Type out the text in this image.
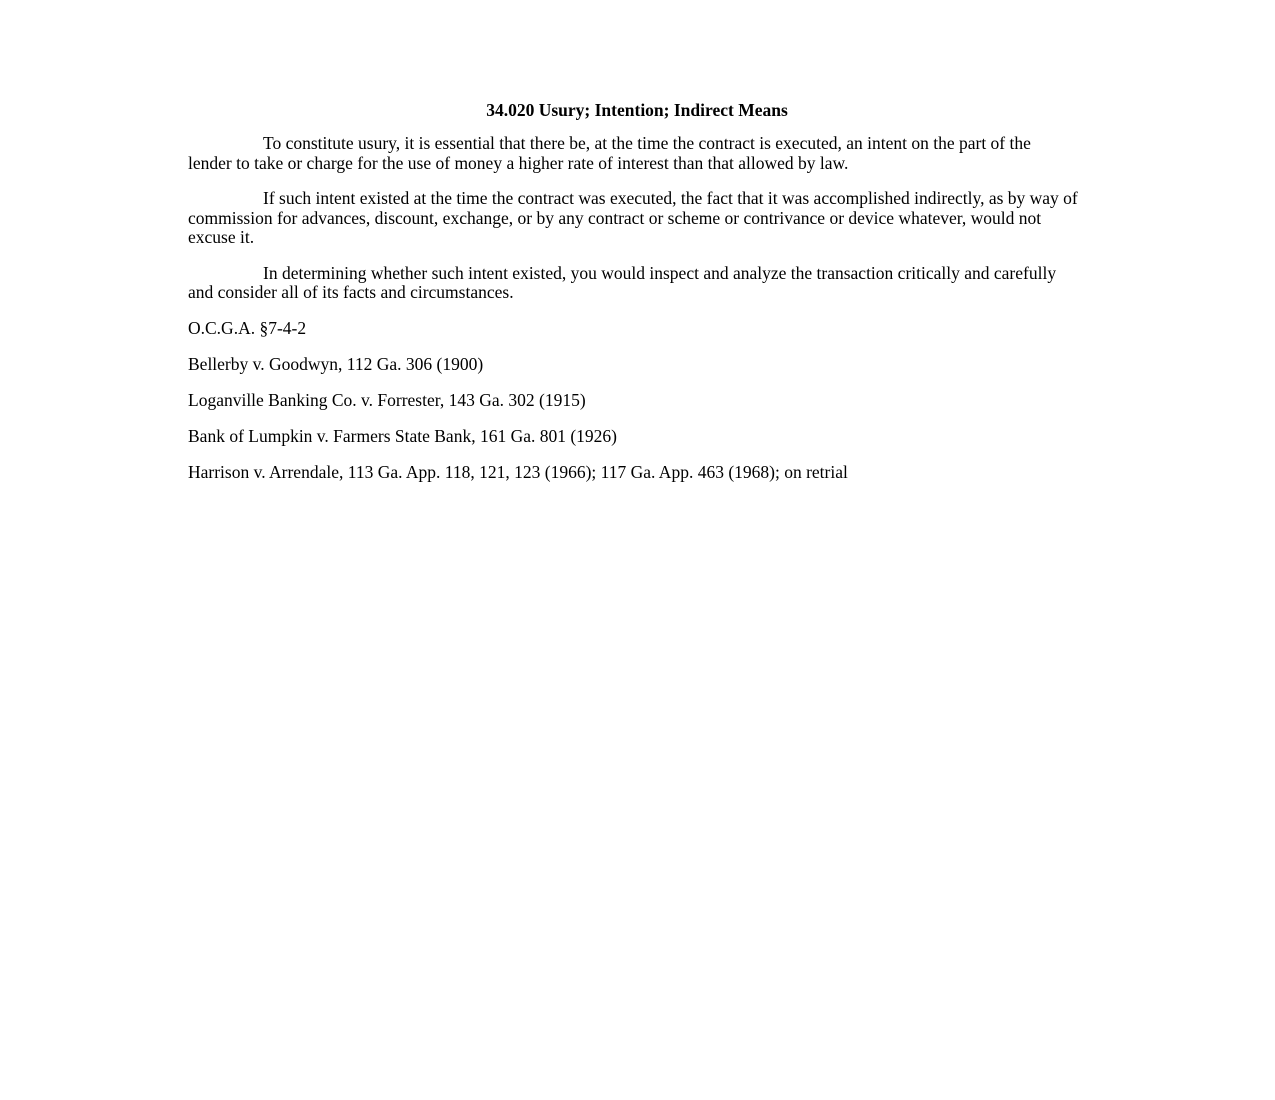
34.020 Usury; Intention; Indirect Means

To constitute usury, it is essential that there be, at the time the contract is executed, an intent on the part of the lender to take or charge for the use of money a higher rate of interest than that allowed by law.

If such intent existed at the time the contract was executed, the fact that it was accomplished indirectly, as by way of commission for advances, discount, exchange, or by any contract or scheme or contrivance or device whatever, would not excuse it.

In determining whether such intent existed, you would inspect and analyze the transaction critically and carefully and consider all of its facts and circumstances.

O.C.G.A. §7-4-2

Bellerby v. Goodwyn, 112 Ga. 306 (1900)

Loganville Banking Co. v. Forrester, 143 Ga. 302 (1915)

Bank of Lumpkin v. Farmers State Bank, 161 Ga. 801 (1926)

Harrison v. Arrendale, 113 Ga. App. 118, 121, 123 (1966); 117 Ga. App. 463 (1968); on retrial
